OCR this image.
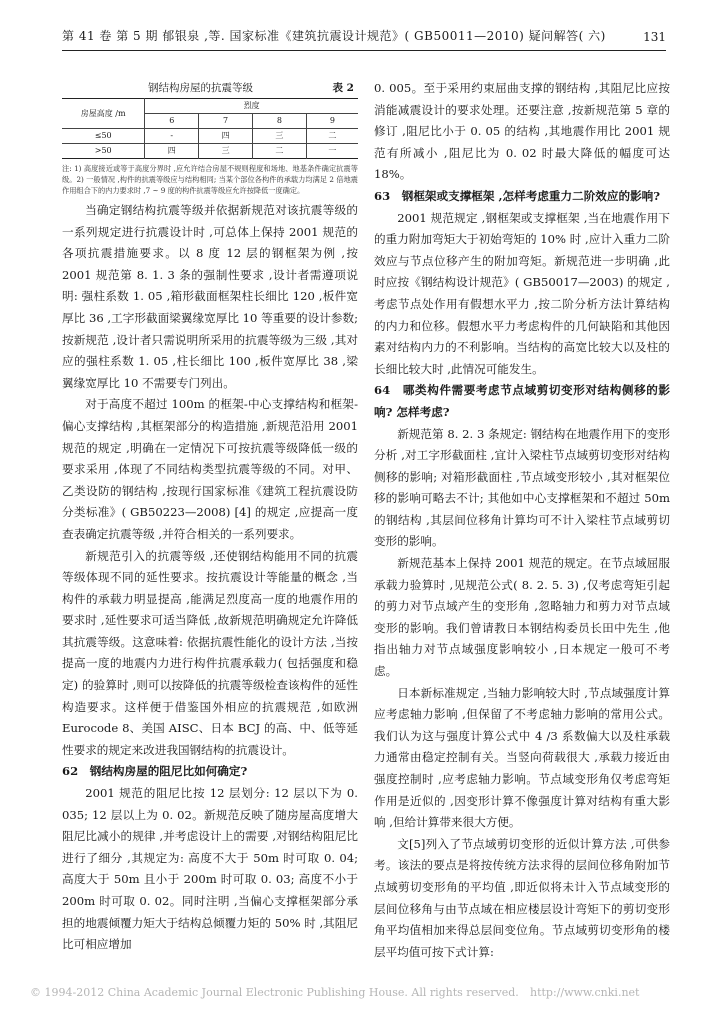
第 41 卷 第 5 期 郁银泉 ,等. 国家标准《建筑抗震设计规范》( GB50011—2010) 疑问解答( 六)	131
钢结构房屋的抗震等级	表 2
房屋高度 /m	烈度			
	6	7	8	9
≤50	-	四	三	二
>50	四	三	二	一

注: 1) 高度接近或等于高度分界时 ,应允许结合房屋不规则程度和场地、地基条件确定抗震等级。2) 一般情况 ,构件的抗震等级应与结构相同; 当某个部位各构件的承载力均满足 2 倍地震作用组合下的内力要求时 ,7 ~ 9 度的构件抗震等级应允许按降低一度确定。

当确定钢结构抗震等级并依据新规范对该抗震等级的一系列规定进行抗震设计时 ,可总体上保持 2001 规范的各项抗震措施要求。以 8 度 12 层的钢框架为例 ,按 2001 规范第 8. 1. 3 条的强制性要求 ,设计者需遵项说明: 强柱系数 1. 05 ,箱形截面框架柱长细比 120 ,板件宽厚比 36 ,工字形截面梁翼缘宽厚比 10 等重要的设计参数; 按新规范 ,设计者只需说明所采用的抗震等级为三级 ,其对应的强柱系数 1. 05 ,柱长细比 100 ,板件宽厚比 38 ,梁翼缘宽厚比 10 不需要专门列出。

对于高度不超过 100m 的框架-中心支撑结构和框架-偏心支撑结构 ,其框架部分的构造措施 ,新规范沿用 2001 规范的规定 ,明确在一定情况下可按抗震等级降低一级的要求采用 ,体现了不同结构类型抗震等级的不同。对甲、乙类设防的钢结构 ,按现行国家标准《建筑工程抗震设防分类标准》( GB50223—2008) [4] 的规定 ,应提高一度查表确定抗震等级 ,并符合相关的一系列要求。

新规范引入的抗震等级 ,还使钢结构能用不同的抗震等级体现不同的延性要求。按抗震设计等能量的概念 ,当构件的承载力明显提高 ,能满足烈度高一度的地震作用的要求时 ,延性要求可适当降低 ,故新规范明确规定允许降低其抗震等级。这意味着: 依据抗震性能化的设计方法 ,当按提高一度的地震内力进行构件抗震承载力( 包括强度和稳定) 的验算时 ,则可以按降低的抗震等级检查该构件的延性构造要求。这样便于借鉴国外相应的抗震规范 ,如欧洲 Eurocode 8、美国 AISC、日本 BCJ 的高、中、低等延性要求的规定来改进我国钢结构的抗震设计。

62　钢结构房屋的阻尼比如何确定?

2001 规范的阻尼比按 12 层划分: 12 层以下为 0. 035; 12 层以上为 0. 02。新规范反映了随房屋高度增大阻尼比减小的规律 ,并考虑设计上的需要 ,对钢结构阻尼比进行了细分 ,其规定为: 高度不大于 50m 时可取 0. 04; 高度大于 50m 且小于 200m 时可取 0. 03; 高度不小于 200m 时可取 0. 02。同时注明 ,当偏心支撑框架部分承担的地震倾覆力矩大于结构总倾覆力矩的 50% 时 ,其阻尼比可相应增加

0. 005。至于采用约束屈曲支撑的钢结构 ,其阻尼比应按消能减震设计的要求处理。还要注意 ,按新规范第 5 章的修订 ,阻尼比小于 0. 05 的结构 ,其地震作用比 2001 规范有所减小 ,阻尼比为 0. 02 时最大降低的幅度可达 18%。

63　钢框架或支撑框架 ,怎样考虑重力二阶效应的影响?

2001 规范规定 ,钢框架或支撑框架 ,当在地震作用下的重力附加弯矩大于初始弯矩的 10% 时 ,应计入重力二阶效应与节点位移产生的附加弯矩。新规范进一步明确 ,此时应按《钢结构设计规范》( GB50017—2003) 的规定 ,考虑节点处作用有假想水平力 ,按二阶分析方法计算结构的内力和位移。假想水平力考虑构件的几何缺陷和其他因素对结构内力的不利影响。当结构的高宽比较大以及柱的长细比较大时 ,此情况可能发生。

64　哪类构件需要考虑节点域剪切变形对结构侧移的影响? 怎样考虑?

新规范第 8. 2. 3 条规定: 钢结构在地震作用下的变形分析 ,对工字形截面柱 ,宜计入梁柱节点域剪切变形对结构侧移的影响; 对箱形截面柱 ,节点域变形较小 ,其对框架位移的影响可略去不计; 其他如中心支撑框架和不超过 50m 的钢结构 ,其层间位移角计算均可不计入梁柱节点域剪切变形的影响。

新规范基本上保持 2001 规范的规定。在节点域屈服承载力验算时 ,见规范公式( 8. 2. 5. 3) ,仅考虑弯矩引起的剪力对节点域产生的变形角 ,忽略轴力和剪力对节点域变形的影响。我们曾请教日本钢结构委员长田中先生 ,他指出轴力对节点域强度影响较小 ,日本规定一般可不考虑。

日本新标准规定 ,当轴力影响较大时 ,节点域强度计算应考虑轴力影响 ,但保留了不考虑轴力影响的常用公式。我们认为这与强度计算公式中 4 /3 系数偏大以及柱承载力通常由稳定控制有关。当竖向荷载很大 ,承载力接近由强度控制时 ,应考虑轴力影响。节点域变形角仅考虑弯矩作用是近似的 ,因变形计算不像强度计算对结构有重大影响 ,但给计算带来很大方便。

文[5]列入了节点域剪切变形的近似计算方法 ,可供参考。该法的要点是将按传统方法求得的层间位移角附加节点域剪切变形角的平均值 ,即近似将未计入节点域变形的层间位移角与由节点域在相应楼层设计弯矩下的剪切变形角平均值相加来得总层间变位角。节点域剪切变形角的楼层平均值可按下式计算:

© 1994-2012 China Academic Journal Electronic Publishing House. All rights reserved. http://www.cnki.net
